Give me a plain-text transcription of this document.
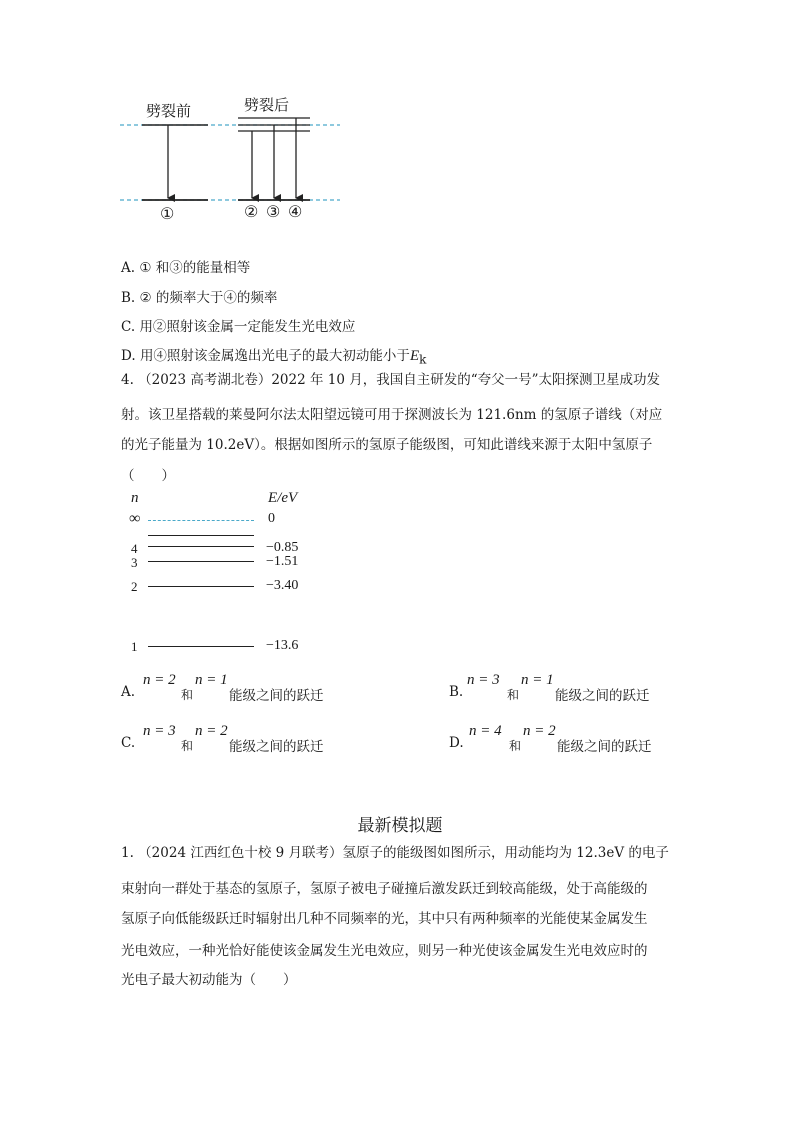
劈裂前	劈裂后
①	② ③ ④
A. ① 和③的能量相等
B. ② 的频率大于④的频率
C. 用②照射该金属一定能发生光电效应
D. 用④照射该金属逸出光电子的最大初动能小于$E_k$
4. （2023 高考湖北卷）2022 年 10 月，我国自主研发的“夸父一号”太阳探测卫星成功发
射。该卫星搭载的莱曼阿尔法太阳望远镜可用于探测波长为 121.6nm 的氢原子谱线（对应
的光子能量为 10.2eV）。根据如图所示的氢原子能级图，可知此谱线来源于太阳中氢原子
（　　）
n	E/eV
∞	0
4	−0.85
3	−1.51
2	−3.40
1	−13.6
A.
n = 2
和
n = 1
能级之间的跃迁	B.
n = 3
和
n = 1
能级之间的跃迁
C.
n = 3
和
n = 2
能级之间的跃迁	D.
n = 4
和
n = 2
能级之间的跃迁
最新模拟题
1. （2024 江西红色十校 9 月联考）氢原子的能级图如图所示，用动能均为 12.3eV 的电子
束射向一群处于基态的氢原子，氢原子被电子碰撞后激发跃迁到较高能级，处于高能级的
氢原子向低能级跃迁时辐射出几种不同频率的光，其中只有两种频率的光能使某金属发生
光电效应，一种光恰好能使该金属发生光电效应，则另一种光使该金属发生光电效应时的
光电子最大初动能为（　　）
